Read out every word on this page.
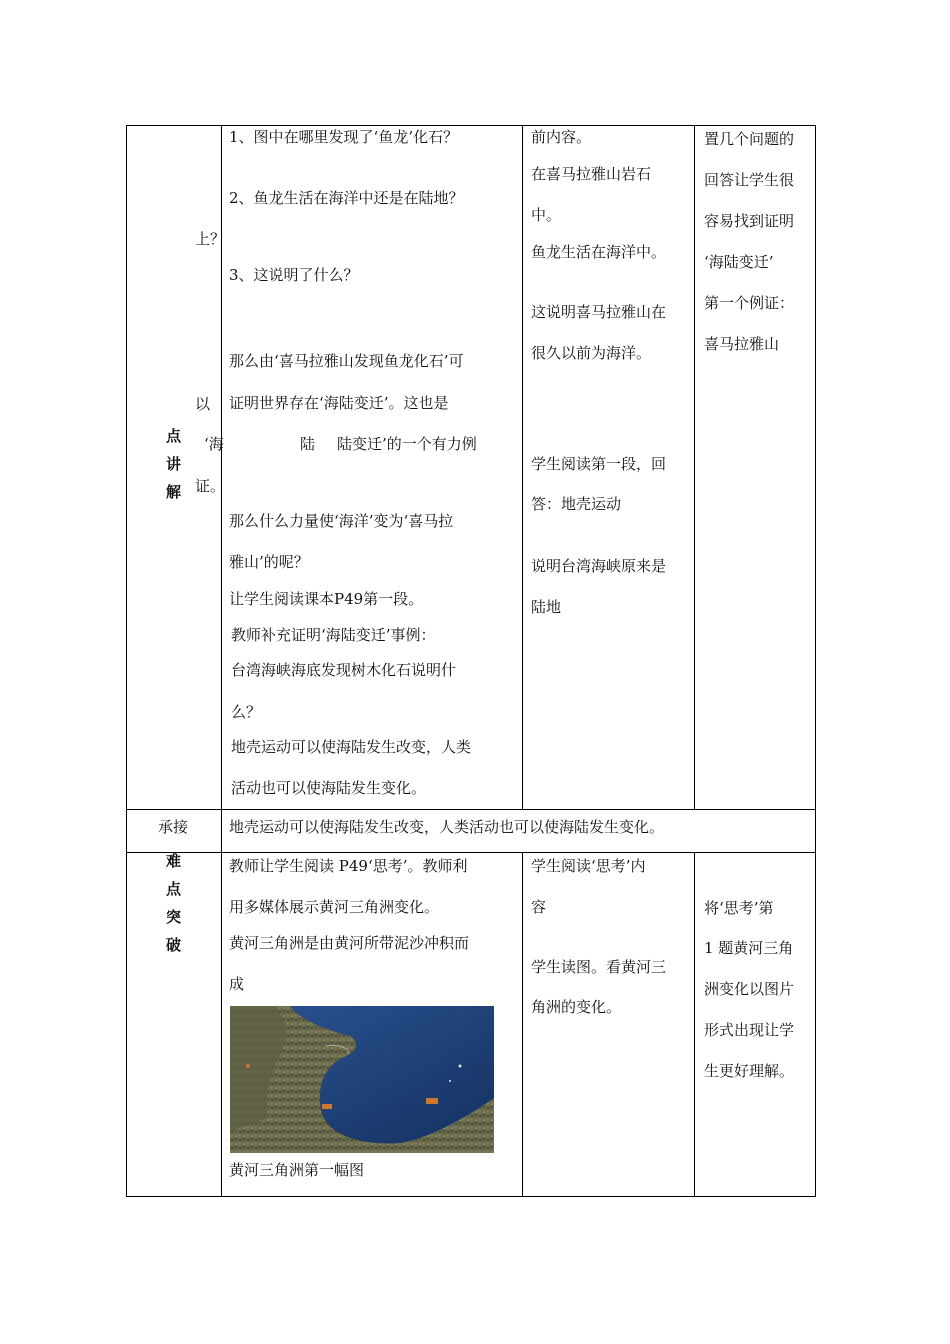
点
讲
解
上？
以
‘海
证。
1、图中在哪里发现了‘鱼龙’化石？
2、鱼龙生活在海洋中还是在陆地？
3、这说明了什么？
那么由‘喜马拉雅山发现鱼龙化石’可
证明世界存在‘海陆变迁’。这也是
陆 陆变迁’的一个有力例
那么什么力量使‘海洋’变为‘喜马拉
雅山’的呢？
让学生阅读课本P49第一段。
教师补充证明‘海陆变迁’事例：
台湾海峡海底发现树木化石说明什
么？
地壳运动可以使海陆发生改变，人类
活动也可以使海陆发生变化。
前内容。
在喜马拉雅山岩石
中。
鱼龙生活在海洋中。
这说明喜马拉雅山在
很久以前为海洋。
学生阅读第一段，回
答：地壳运动
说明台湾海峡原来是
陆地
置几个问题的
回答让学生很
容易找到证明
‘海陆变迁’
第一个例证：
喜马拉雅山
承接	地壳运动可以使海陆发生改变，人类活动也可以使海陆发生变化。
难
点
突
破
教师让学生阅读 P49‘思考’。教师利
用多媒体展示黄河三角洲变化。
黄河三角洲是由黄河所带泥沙冲积而
成
黄河三角洲第一幅图
学生阅读‘思考’内
容
学生读图。看黄河三
角洲的变化。
将‘思考’第
1 题黄河三角
洲变化以图片
形式出现让学
生更好理解。
